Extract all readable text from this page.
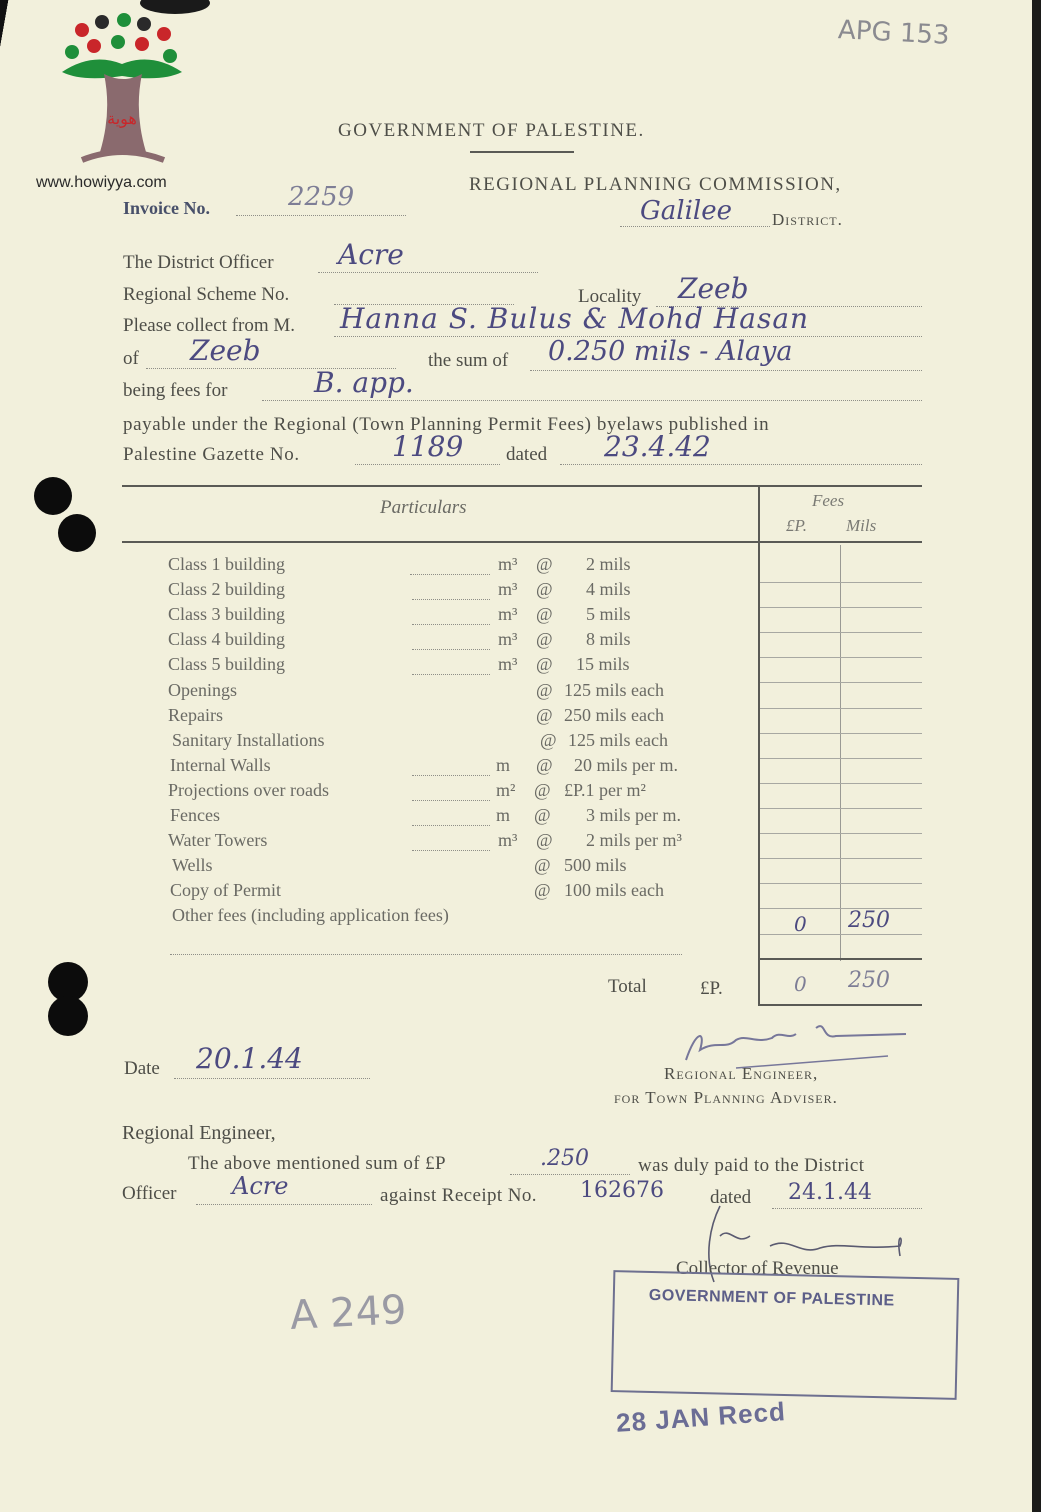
هوية
www.howiyya.com
APG 153
GOVERNMENT OF PALESTINE.
REGIONAL PLANNING COMMISSION,
Invoice No.	2259	Galilee District.
The District Officer Acre
Regional Scheme No.	Locality Zeeb
Please collect from M. Hanna S. Bulus & Mohd Hasan
of Zeeb	the sum of 0.250 mils - Alaya
being fees for	B. app.
payable under the Regional (Town Planning Permit Fees) byelaws published in
Palestine Gazette No.	1189 dated 23.4.42
Particulars	Fees
£P. Mils
Class 1 building	m³ @ 2 mils
Class 2 building	m³ @ 4 mils
Class 3 building	m³ @ 5 mils
Class 4 building	m³ @ 8 mils
Class 5 building	m³ @ 15 mils
Openings	@ 125 mils each
Repairs	@ 250 mils each
Sanitary Installations	@ 125 mils each
Internal Walls	m @ 20 mils per m.
Projections over roads	m² @ £P.1 per m²
Fences	m @ 3 mils per m.
Water Towers	m³ @ 2 mils per m³
Wells	@ 500 mils
Copy of Permit	@ 100 mils each
Other fees (including application fees)	0 250
Total	£P.	0 250
Date 20.1.44	Regional Engineer,
for Town Planning Adviser.
Regional Engineer,
The above mentioned sum of £P	.250	was duly paid to the District
Officer Acre	against Receipt No. 162676 dated 24.1.44
Collector of Revenue
GOVERNMENT OF PALESTINE
28 JAN Recd
A 249
